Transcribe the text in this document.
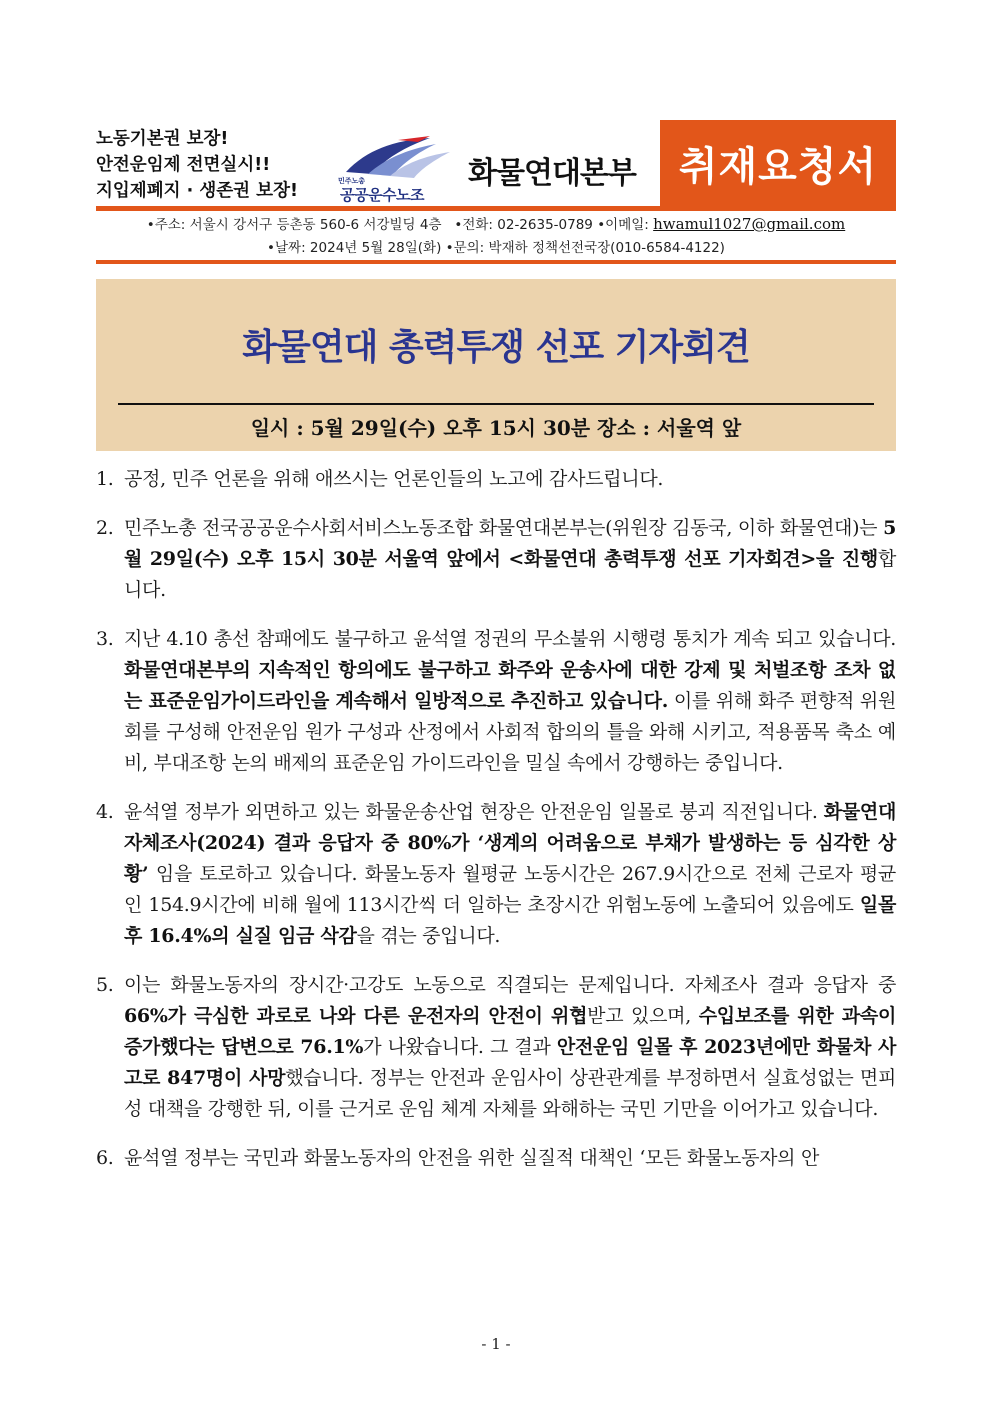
노동기본권 보장!
안전운임제 전면실시!!
지입제폐지 · 생존권 보장!	민주노총
공공운수노조
화물연대본부	취재요청서
•주소: 서울시 강서구 등촌동 560-6 서강빌딩 4층 •전화: 02-2635-0789 •이메일: hwamul1027@gmail.com
•날짜: 2024년 5월 28일(화) •문의: 박재하 정책선전국장(010-6584-4122)
화물연대 총력투쟁 선포 기자회견
일시 : 5월 29일(수) 오후 15시 30분 장소 : 서울역 앞
1. 공정, 민주 언론을 위해 애쓰시는 언론인들의 노고에 감사드립니다.
2. 민주노총 전국공공운수사회서비스노동조합 화물연대본부는(위원장 김동국, 이하 화물연대)는 5월 29일(수) 오후 15시 30분 서울역 앞에서 <화물연대 총력투쟁 선포 기자회견>을 진행합니다.
3. 지난 4.10 총선 참패에도 불구하고 윤석열 정권의 무소불위 시행령 통치가 계속 되고 있습니다. 화물연대본부의 지속적인 항의에도 불구하고 화주와 운송사에 대한 강제 및 처벌조항 조차 없는 표준운임가이드라인을 계속해서 일방적으로 추진하고 있습니다. 이를 위해 화주 편향적 위원회를 구성해 안전운임 원가 구성과 산정에서 사회적 합의의 틀을 와해 시키고, 적용품목 축소 예비, 부대조항 논의 배제의 표준운임 가이드라인을 밀실 속에서 강행하는 중입니다.
4. 윤석열 정부가 외면하고 있는 화물운송산업 현장은 안전운임 일몰로 붕괴 직전입니다. 화물연대 자체조사(2024) 결과 응답자 중 80%가 ‘생계의 어려움으로 부채가 발생하는 등 심각한 상황’ 임을 토로하고 있습니다. 화물노동자 월평균 노동시간은 267.9시간으로 전체 근로자 평균인 154.9시간에 비해 월에 113시간씩 더 일하는 초장시간 위험노동에 노출되어 있음에도 일몰 후 16.4%의 실질 임금 삭감을 겪는 중입니다.
5. 이는 화물노동자의 장시간·고강도 노동으로 직결되는 문제입니다. 자체조사 결과 응답자 중 66%가 극심한 과로로 나와 다른 운전자의 안전이 위협받고 있으며, 수입보조를 위한 과속이 증가했다는 답변으로 76.1%가 나왔습니다. 그 결과 안전운임 일몰 후 2023년에만 화물차 사고로 847명이 사망했습니다. 정부는 안전과 운임사이 상관관계를 부정하면서 실효성없는 면피성 대책을 강행한 뒤, 이를 근거로 운임 체계 자체를 와해하는 국민 기만을 이어가고 있습니다.
6. 윤석열 정부는 국민과 화물노동자의 안전을 위한 실질적 대책인 ‘모든 화물노동자의 안
- 1 -
